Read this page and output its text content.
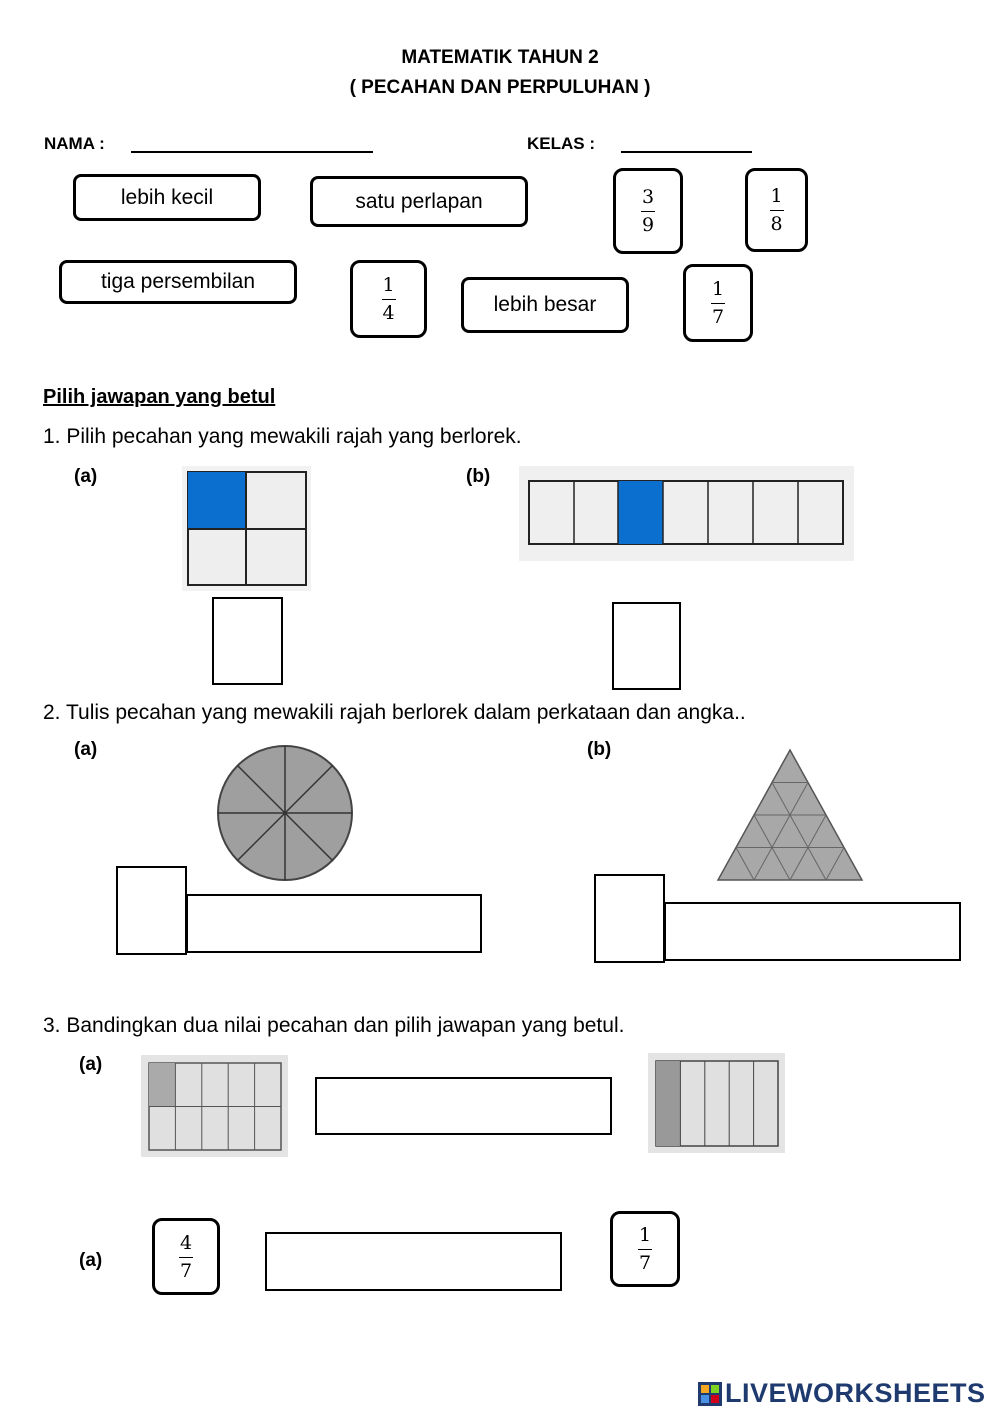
MATEMATIK TAHUN 2
( PECAHAN DAN PERPULUHAN )
NAMA :	KELAS :
lebih kecil	satu perlapan	3
9
1
8
tiga persembilan	1
4	lebih besar
1
7
Pilih jawapan yang betul
1. Pilih pecahan yang mewakili rajah yang berlorek.
(a)	(b)
2. Tulis pecahan yang mewakili rajah berlorek dalam perkataan dan angka..
(a)	(b)
3. Bandingkan dua nilai pecahan dan pilih jawapan yang betul.
(a)
(a)
4
7
1
7
LIVEWORKSHEETS
